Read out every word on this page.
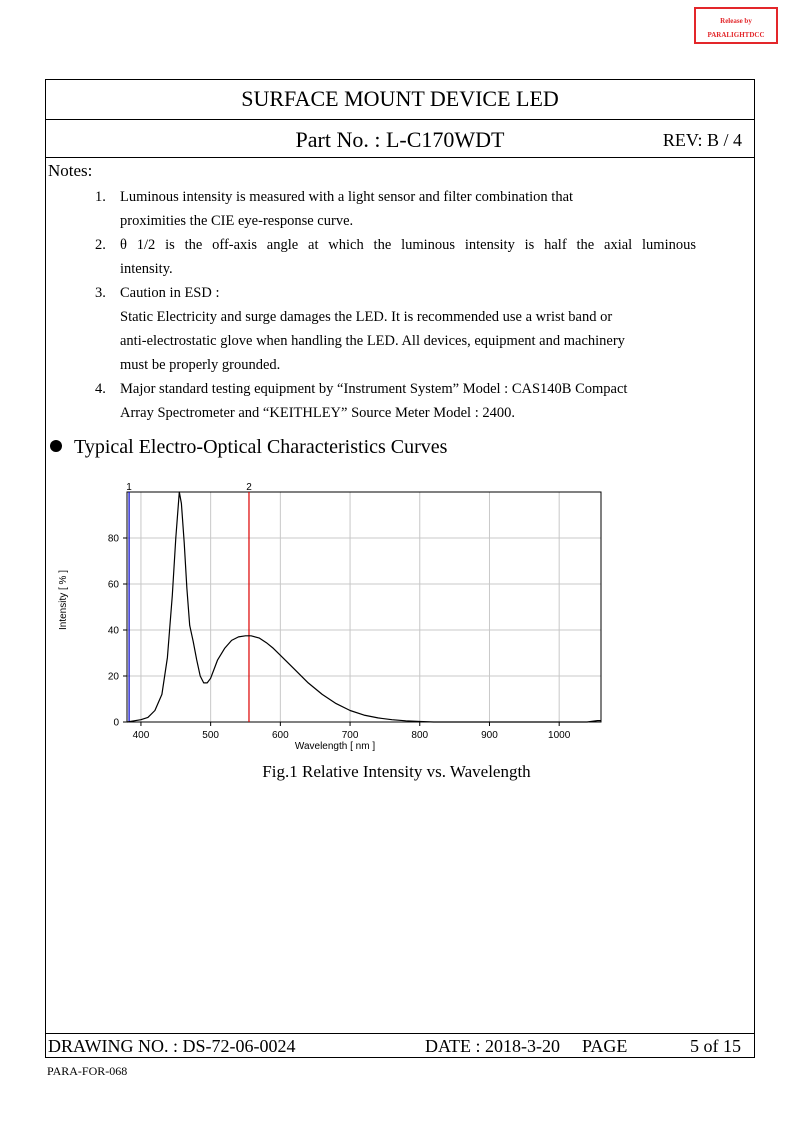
Release by
PARALIGHTDCC
SURFACE MOUNT DEVICE LED
Part No. : L-C170WDT	REV: B / 4
Notes:
1. Luminous intensity is measured with a light sensor and filter combination that
proximities the CIE eye-response curve.
2. θ 1/2 is the off-axis angle at which the luminous intensity is half the axial luminous
intensity.
3. Caution in ESD :
Static Electricity and surge damages the LED. It is recommended use a wrist band or
anti-electrostatic glove when handling the LED. All devices, equipment and machinery
must be properly grounded.
4. Major standard testing equipment by “Instrument System” Model : CAS140B Compact
Array Spectrometer and “KEITHLEY” Source Meter Model : 2400.
Typical Electro-Optical Characteristics Curves
400	500	600	700	800	900	1000
0
20
40
60
80
Wavelength [ nm ]
Intensity [ % ]
1	2
Fig.1 Relative Intensity vs. Wavelength
DRAWING NO. : DS-72-06-0024	DATE : 2018-3-20 PAGE	5 of 15
PARA-FOR-068
